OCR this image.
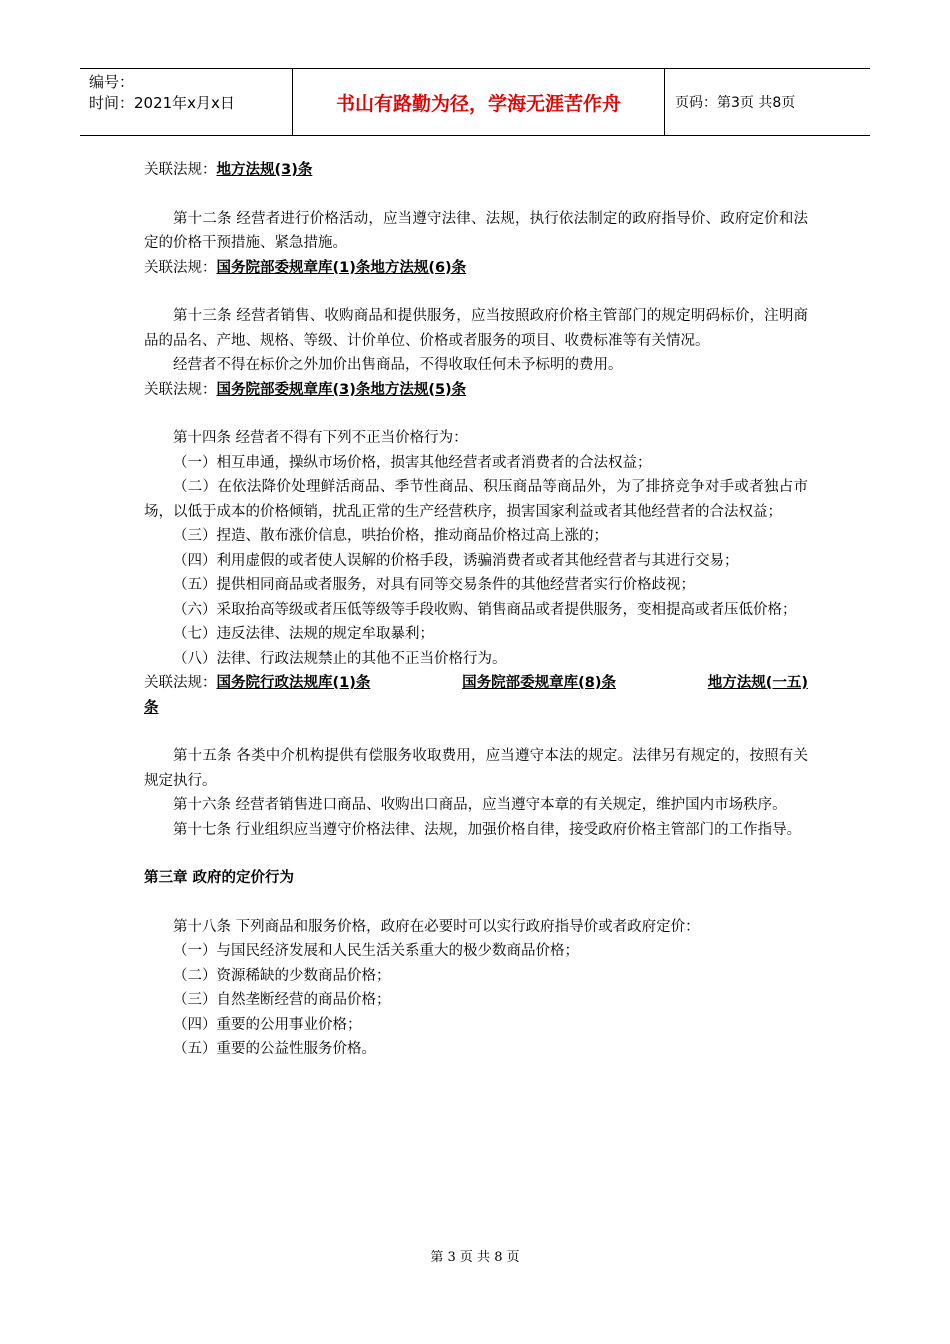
编号：
时间：2021年x月x日	书山有路勤为径，学海无涯苦作舟	页码：第3页 共8页

关联法规：地方法规(3)条

第十二条 经营者进行价格活动，应当遵守法律、法规，执行依法制定的政府指导价、政府定价和法定的价格干预措施、紧急措施。

关联法规：国务院部委规章库(1)条地方法规(6)条

第十三条 经营者销售、收购商品和提供服务，应当按照政府价格主管部门的规定明码标价，注明商品的品名、产地、规格、等级、计价单位、价格或者服务的项目、收费标准等有关情况。

经营者不得在标价之外加价出售商品，不得收取任何未予标明的费用。

关联法规：国务院部委规章库(3)条地方法规(5)条

第十四条 经营者不得有下列不正当价格行为：

（一）相互串通，操纵市场价格，损害其他经营者或者消费者的合法权益；

（二）在依法降价处理鲜活商品、季节性商品、积压商品等商品外，为了排挤竞争对手或者独占市场，以低于成本的价格倾销，扰乱正常的生产经营秩序，损害国家利益或者其他经营者的合法权益；

（三）捏造、散布涨价信息，哄抬价格，推动商品价格过高上涨的；

（四）利用虚假的或者使人误解的价格手段，诱骗消费者或者其他经营者与其进行交易；

（五）提供相同商品或者服务，对具有同等交易条件的其他经营者实行价格歧视；

（六）采取抬高等级或者压低等级等手段收购、销售商品或者提供服务，变相提高或者压低价格；

（七）违反法律、法规的规定牟取暴利；

（八）法律、行政法规禁止的其他不正当价格行为。

关联法规：国务院行政法规库(1)条	国务院部委规章库(8)条	地方法规(一五)

条

第十五条 各类中介机构提供有偿服务收取费用，应当遵守本法的规定。法律另有规定的，按照有关规定执行。

第十六条 经营者销售进口商品、收购出口商品，应当遵守本章的有关规定，维护国内市场秩序。

第十七条 行业组织应当遵守价格法律、法规，加强价格自律，接受政府价格主管部门的工作指导。

第三章 政府的定价行为

第十八条 下列商品和服务价格，政府在必要时可以实行政府指导价或者政府定价：

（一）与国民经济发展和人民生活关系重大的极少数商品价格；

（二）资源稀缺的少数商品价格；

（三）自然垄断经营的商品价格；

（四）重要的公用事业价格；

（五）重要的公益性服务价格。

第 3 页 共 8 页
